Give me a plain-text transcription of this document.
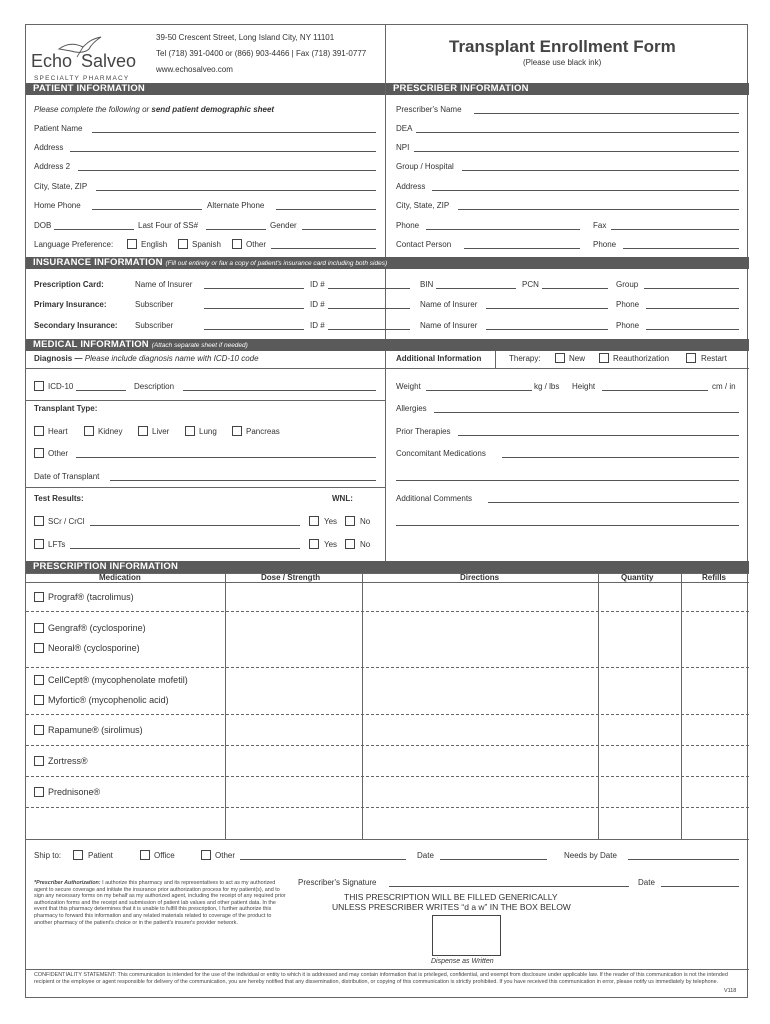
Echo Salveo
SPECIALTY PHARMACY
39-50 Crescent Street, Long Island City, NY 11101
Tel (718) 391-0400 or (866) 903-4466 | Fax (718) 391-0777
www.echosalveo.com
Transplant Enrollment Form
(Please use black ink)
PATIENT INFORMATION	PRESCRIBER INFORMATION
Please complete the following or send patient demographic sheet
Patient Name
Address
Address 2
City, State, ZIP
Home Phone	Alternate Phone
DOB	Last Four of SS#	Gender
Language Preference:	English	Spanish	Other
Prescriber's Name
DEA
NPI
Group / Hospital
Address
City, State, ZIP
Phone	Fax
Contact Person	Phone
INSURANCE INFORMATION (Fill out entirely or fax a copy of patient's insurance card including both sides)
Prescription Card:	Name of Insurer	ID #	BIN	PCN	Group
Primary Insurance:	Subscriber	ID #	Name of Insurer	Phone
Secondary Insurance: Subscriber	ID #	Name of Insurer	Phone
MEDICAL INFORMATION (Attach separate sheet if needed)
Diagnosis — Please include diagnosis name with ICD-10 code	Additional Information	Therapy:	New	Reauthorization	Restart
ICD-10	Description
Transplant Type:
Heart	Kidney	Liver	Lung	Pancreas
Other
Date of Transplant
Test Results:	WNL:
SCr / CrCl	Yes	No
LFTs	Yes	No
Weight	kg / lbs Height	cm / in
Allergies
Prior Therapies
Concomitant Medications
Additional Comments
PRESCRIPTION INFORMATION
Medication	Dose / Strength	Directions	Quantity	Refills
Prograf® (tacrolimus)
Gengraf® (cyclosporine)
Neoral® (cyclosporine)
CellCept® (mycophenolate mofetil)
Myfortic® (mycophenolic acid)
Rapamune® (sirolimus)
Zortress®
Prednisone®
Ship to:	Patient	Office	Other	Date	Needs by Date
*Prescriber Authorization: I authorize this pharmacy and its representatives to act as my authorized agent to secure coverage and initiate the insurance prior authorization process for my patient(s), and to sign any necessary forms on my behalf as my authorized agent, including the receipt of any required prior authorization forms and the receipt and submission of patient lab values and other patient data. In the event that this pharmacy determines that it is unable to fulfill this prescription, I further authorize this pharmacy to forward this information and any related materials related to coverage of the product to another pharmacy of the patient's choice or in the patient's insurer's provider network.
Prescriber's Signature	Date
THIS PRESCRIPTION WILL BE FILLED GENERICALLY
UNLESS PRESCRIBER WRITES “d a w” IN THE BOX BELOW
Dispense as Written
CONFIDENTIALITY STATEMENT: This communication is intended for the use of the individual or entity to which it is addressed and may contain information that is privileged, confidential, and exempt from disclosure under applicable law. If the reader of this communication is not the intended recipient or the employee or agent responsible for delivery of the communication, you are hereby notified that any dissemination, distribution, or copying of this communication is strictly prohibited. If you have received this communication in error, please notify us immediately by telephone.
V118
